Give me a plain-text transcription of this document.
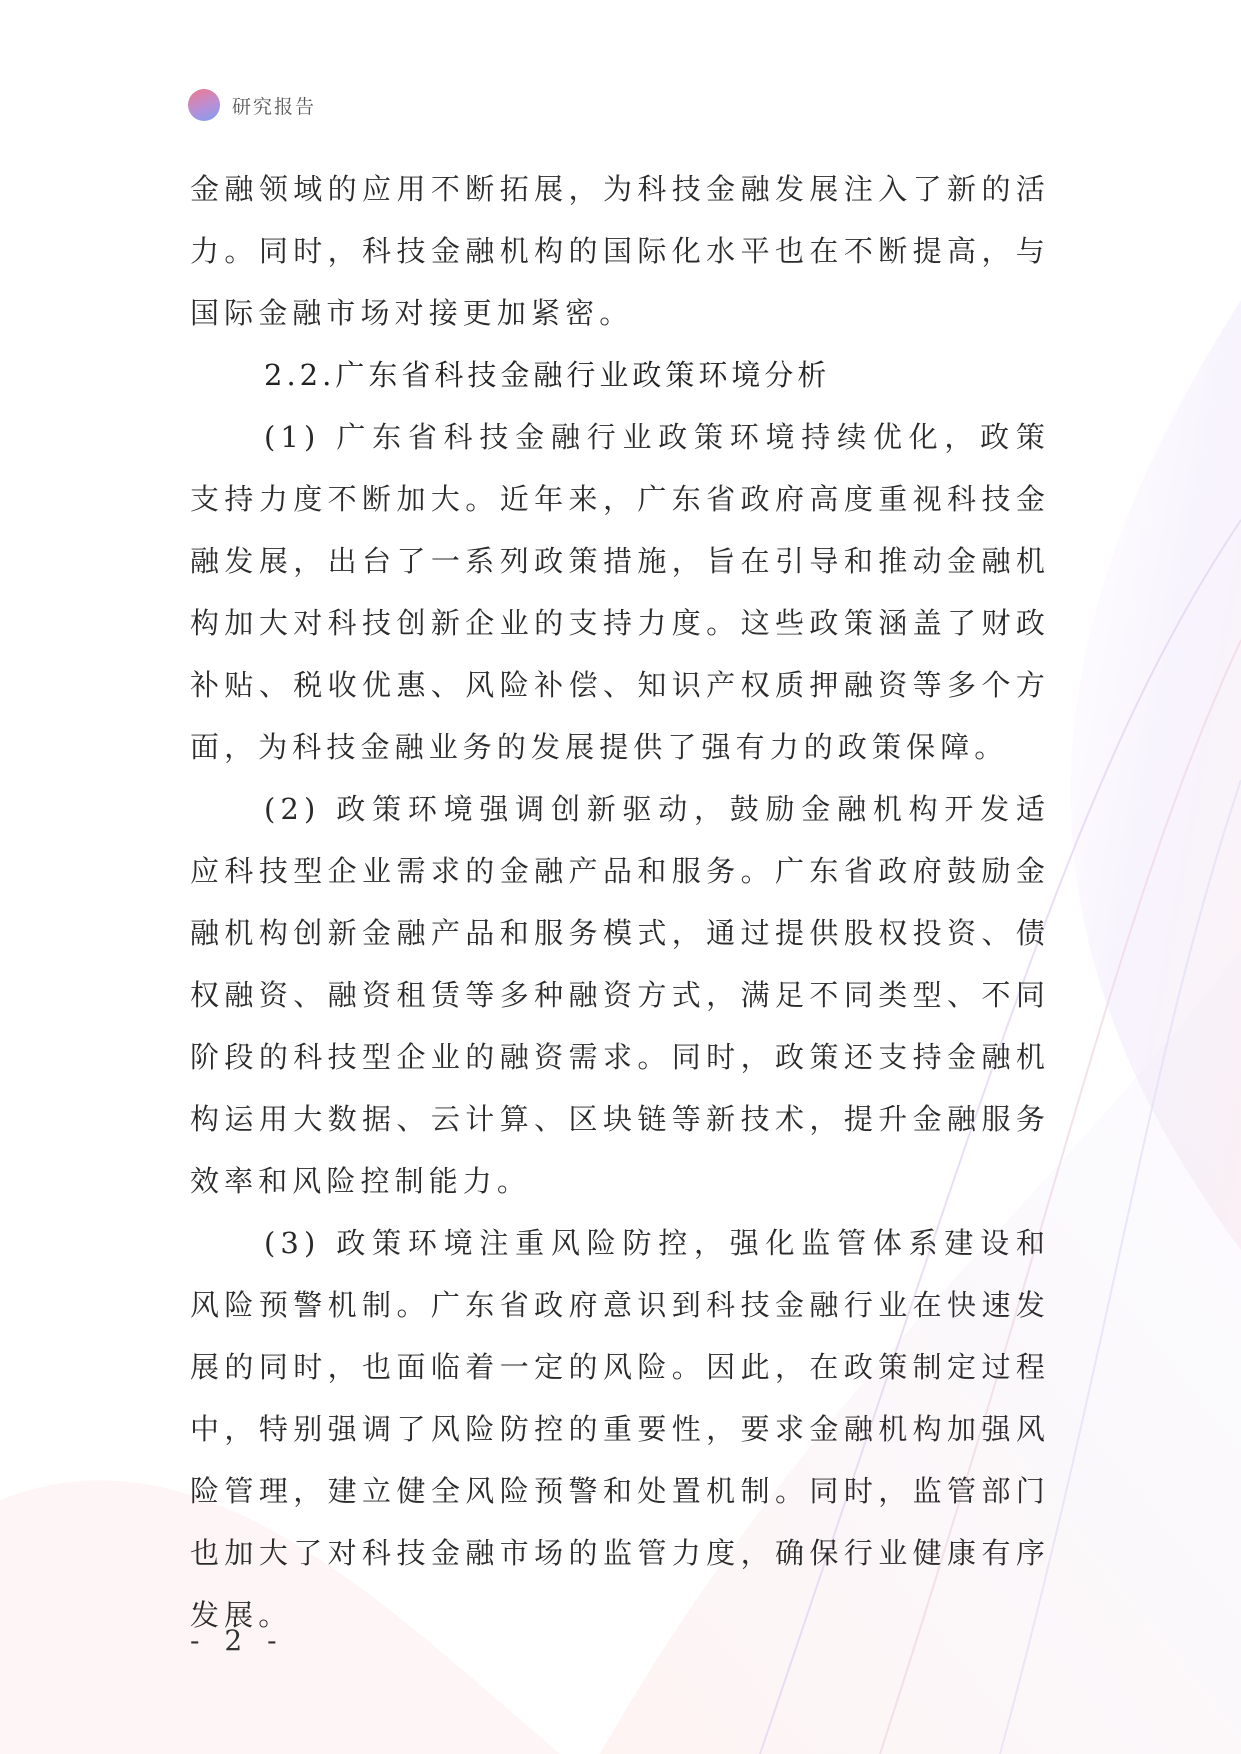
研究报告

金融领域的应用不断拓展，为科技金融发展注入了新的活力。同时，科技金融机构的国际化水平也在不断提高，与国际金融市场对接更加紧密。

2.2.广东省科技金融行业政策环境分析

(1) 广东省科技金融行业政策环境持续优化，政策支持力度不断加大。近年来，广东省政府高度重视科技金融发展，出台了一系列政策措施，旨在引导和推动金融机构加大对科技创新企业的支持力度。这些政策涵盖了财政补贴、税收优惠、风险补偿、知识产权质押融资等多个方面，为科技金融业务的发展提供了强有力的政策保障。

(2) 政策环境强调创新驱动，鼓励金融机构开发适应科技型企业需求的金融产品和服务。广东省政府鼓励金融机构创新金融产品和服务模式，通过提供股权投资、债权融资、融资租赁等多种融资方式，满足不同类型、不同阶段的科技型企业的融资需求。同时，政策还支持金融机构运用大数据、云计算、区块链等新技术，提升金融服务效率和风险控制能力。

(3) 政策环境注重风险防控，强化监管体系建设和风险预警机制。广东省政府意识到科技金融行业在快速发展的同时，也面临着一定的风险。因此，在政策制定过程中，特别强调了风险防控的重要性，要求金融机构加强风险管理，建立健全风险预警和处置机制。同时，监管部门也加大了对科技金融市场的监管力度，确保行业健康有序发展。

- 2 -
